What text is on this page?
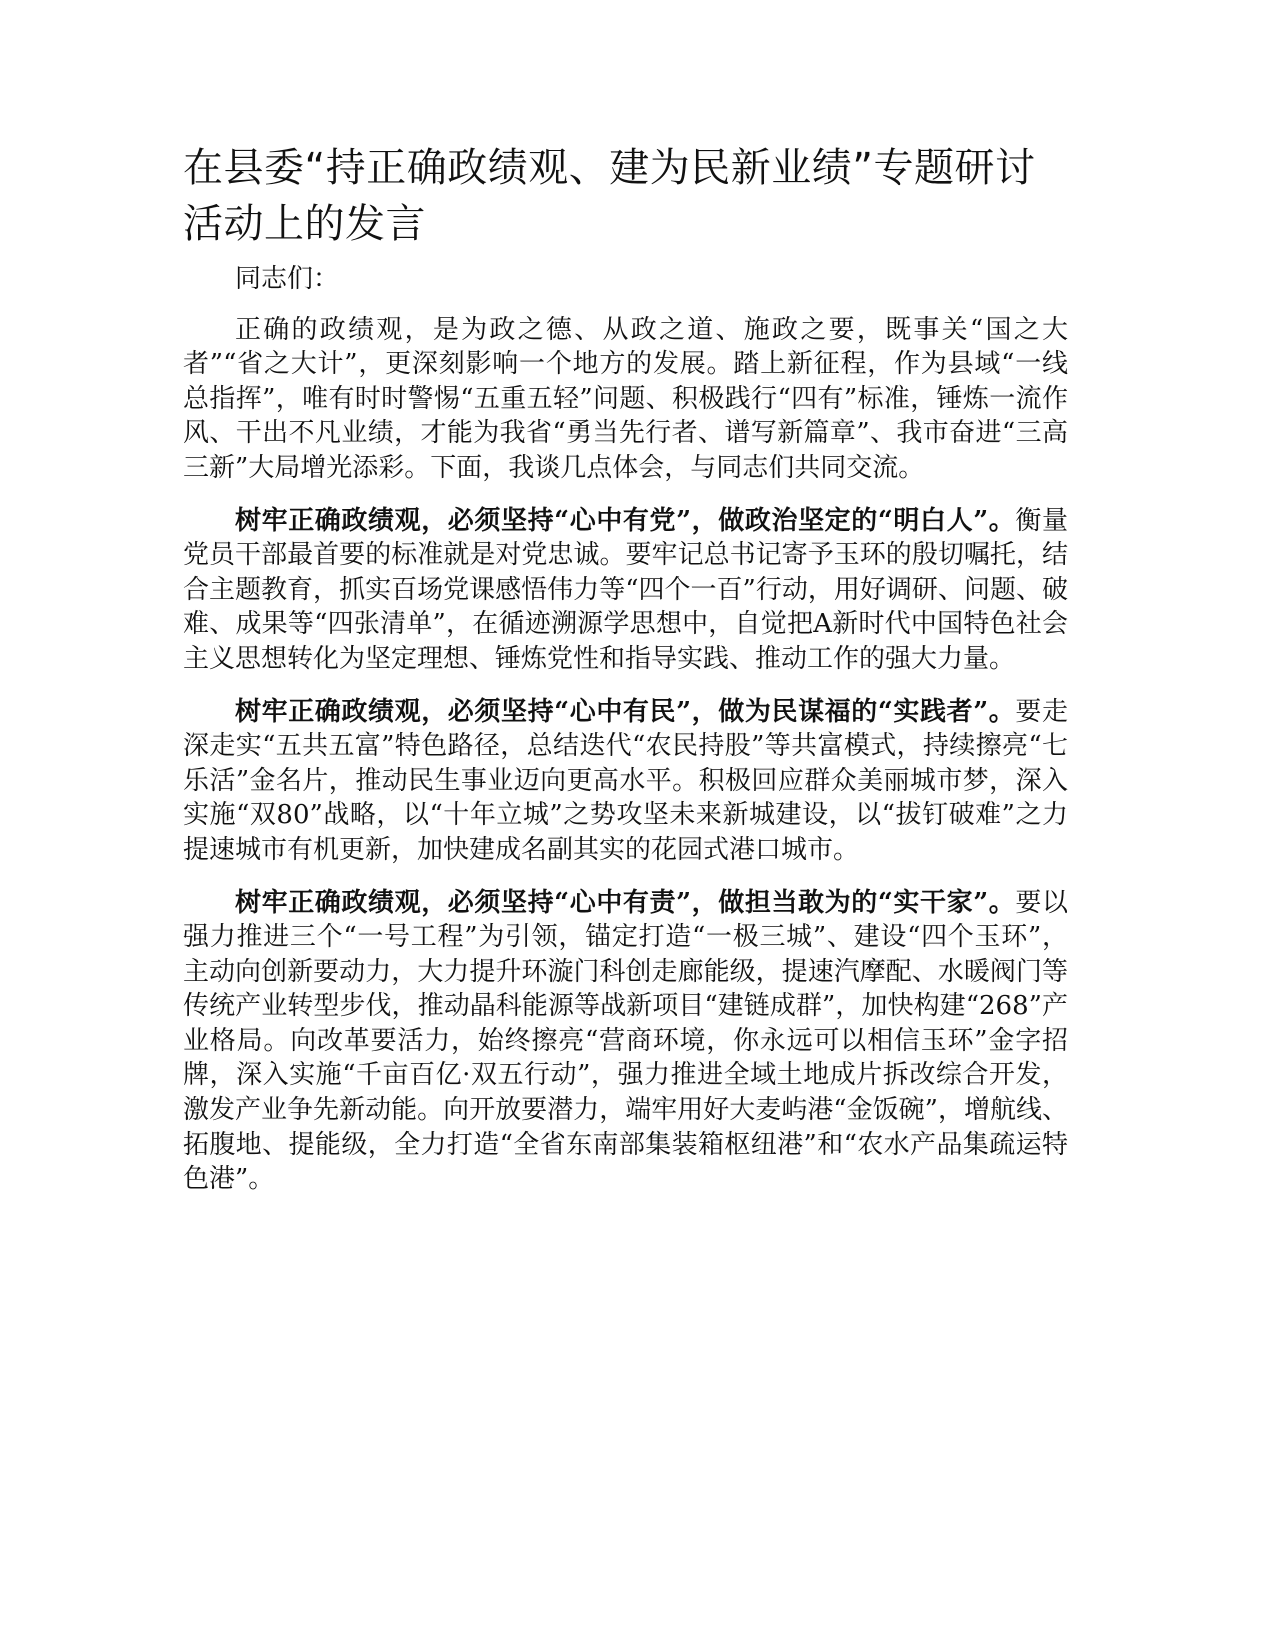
在县委“持正确政绩观、建为民新业绩”专题研讨活动上的发言

同志们：

正确的政绩观，是为政之德、从政之道、施政之要，既事关“国之大者”“省之大计”，更深刻影响一个地方的发展。踏上新征程，作为县域“一线总指挥”，唯有时时警惕“五重五轻”问题、积极践行“四有”标准，锤炼一流作风、干出不凡业绩，才能为我省“勇当先行者、谱写新篇章”、我市奋进“三高三新”大局增光添彩。下面，我谈几点体会，与同志们共同交流。

树牢正确政绩观，必须坚持“心中有党”，做政治坚定的“明白人”。衡量党员干部最首要的标准就是对党忠诚。要牢记总书记寄予玉环的殷切嘱托，结合主题教育，抓实百场党课感悟伟力等“四个一百”行动，用好调研、问题、破难、成果等“四张清单”，在循迹溯源学思想中，自觉把A新时代中国特色社会主义思想转化为坚定理想、锤炼党性和指导实践、推动工作的强大力量。

树牢正确政绩观，必须坚持“心中有民”，做为民谋福的“实践者”。要走深走实“五共五富”特色路径，总结迭代“农民持股”等共富模式，持续擦亮“七乐活”金名片，推动民生事业迈向更高水平。积极回应群众美丽城市梦，深入实施“双80”战略，以“十年立城”之势攻坚未来新城建设，以“拔钉破难”之力提速城市有机更新，加快建成名副其实的花园式港口城市。

树牢正确政绩观，必须坚持“心中有责”，做担当敢为的“实干家”。要以强力推进三个“一号工程”为引领，锚定打造“一极三城”、建设“四个玉环”，主动向创新要动力，大力提升环漩门科创走廊能级，提速汽摩配、水暖阀门等传统产业转型步伐，推动晶科能源等战新项目“建链成群”，加快构建“268”产业格局。向改革要活力，始终擦亮“营商环境，你永远可以相信玉环”金字招牌，深入实施“千亩百亿·双五行动”，强力推进全域土地成片拆改综合开发，激发产业争先新动能。向开放要潜力，端牢用好大麦屿港“金饭碗”，增航线、拓腹地、提能级，全力打造“全省东南部集装箱枢纽港”和“农水产品集疏运特色港”。
